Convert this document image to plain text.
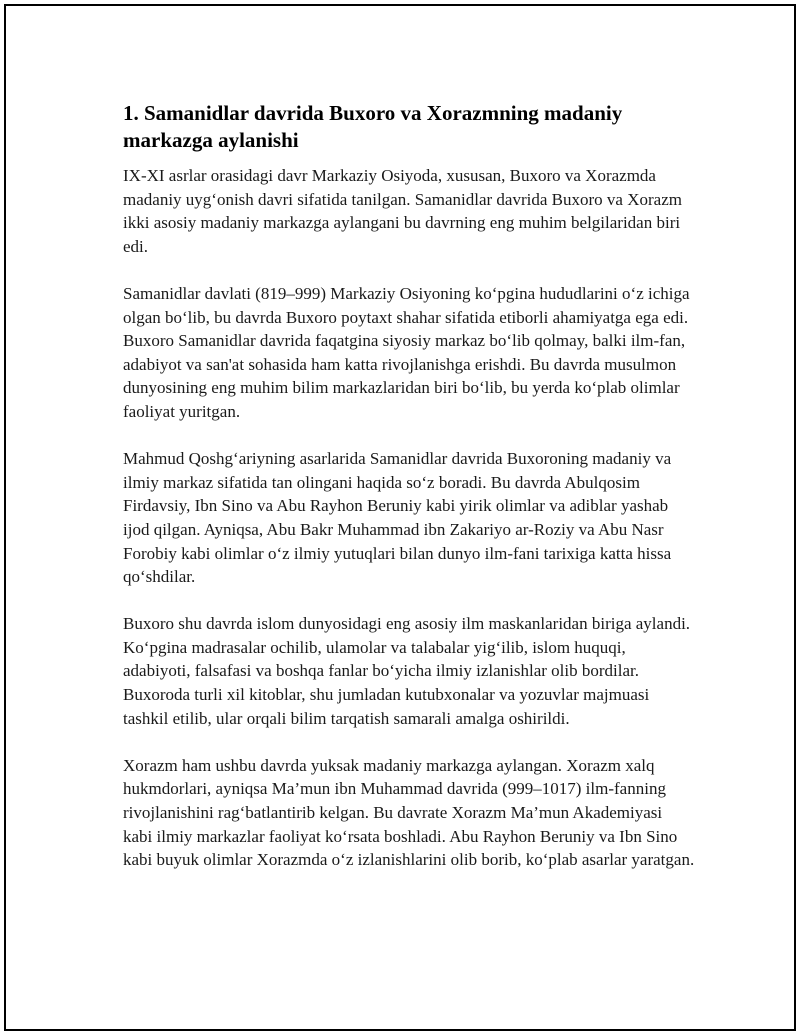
1. Samanidlar davrida Buxoro va Xorazmning madaniy markazga aylanishi

IX-XI asrlar orasidagi davr Markaziy Osiyoda, xususan, Buxoro va Xorazmda madaniy uyg‘onish davri sifatida tanilgan. Samanidlar davrida Buxoro va Xorazm ikki asosiy madaniy markazga aylangani bu davrning eng muhim belgilaridan biri edi.

Samanidlar davlati (819–999) Markaziy Osiyoning ko‘pgina hududlarini o‘z ichiga olgan bo‘lib, bu davrda Buxoro poytaxt shahar sifatida etiborli ahamiyatga ega edi. Buxoro Samanidlar davrida faqatgina siyosiy markaz bo‘lib qolmay, balki ilm-fan, adabiyot va san'at sohasida ham katta rivojlanishga erishdi. Bu davrda musulmon dunyosining eng muhim bilim markazlaridan biri bo‘lib, bu yerda ko‘plab olimlar faoliyat yuritgan.

Mahmud Qoshg‘ariyning asarlarida Samanidlar davrida Buxoroning madaniy va ilmiy markaz sifatida tan olingani haqida so‘z boradi. Bu davrda Abulqosim Firdavsiy, Ibn Sino va Abu Rayhon Beruniy kabi yirik olimlar va adiblar yashab ijod qilgan. Ayniqsa, Abu Bakr Muhammad ibn Zakariyo ar-Roziy va Abu Nasr Forobiy kabi olimlar o‘z ilmiy yutuqlari bilan dunyo ilm-fani tarixiga katta hissa qo‘shdilar.

Buxoro shu davrda islom dunyosidagi eng asosiy ilm maskanlaridan biriga aylandi. Ko‘pgina madrasalar ochilib, ulamolar va talabalar yig‘ilib, islom huquqi, adabiyoti, falsafasi va boshqa fanlar bo‘yicha ilmiy izlanishlar olib bordilar. Buxoroda turli xil kitoblar, shu jumladan kutubxonalar va yozuvlar majmuasi tashkil etilib, ular orqali bilim tarqatish samarali amalga oshirildi.

Xorazm ham ushbu davrda yuksak madaniy markazga aylangan. Xorazm xalq hukmdorlari, ayniqsa Ma’mun ibn Muhammad davrida (999–1017) ilm-fanning rivojlanishini rag‘batlantirib kelgan. Bu davrate Xorazm Ma’mun Akademiyasi kabi ilmiy markazlar faoliyat ko‘rsata boshladi. Abu Rayhon Beruniy va Ibn Sino kabi buyuk olimlar Xorazmda o‘z izlanishlarini olib borib, ko‘plab asarlar yaratgan.
